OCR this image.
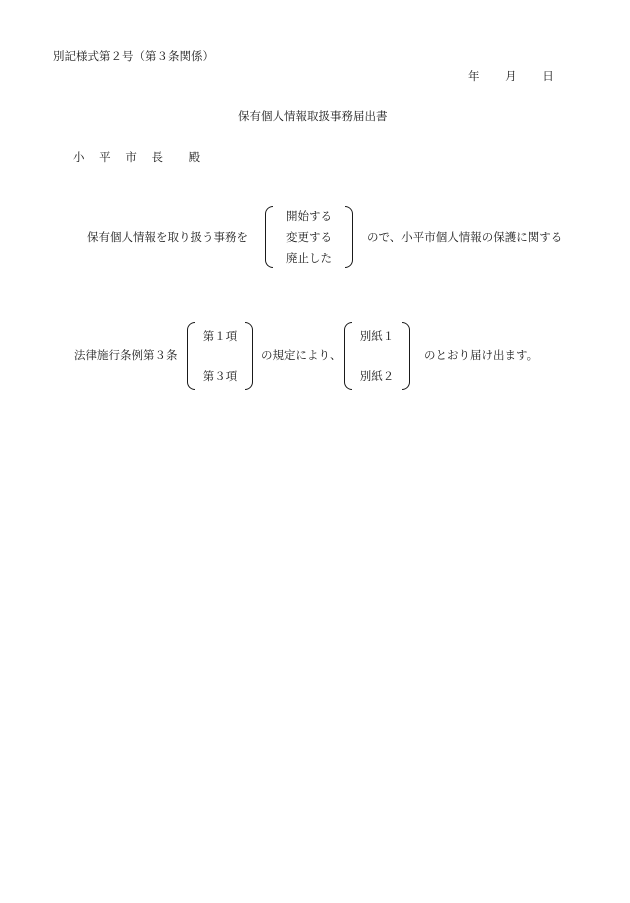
別記様式第２号（第３条関係）
年 月 日
保有個人情報取扱事務届出書
小 平 市 長 殿
保有個人情報を取り扱う事務を
開始する
変更する
廃止した
ので、小平市個人情報の保護に関する
法律施行条例第３条
第１項
第３項
の規定により、
別紙１
別紙２
のとおり届け出ます。
